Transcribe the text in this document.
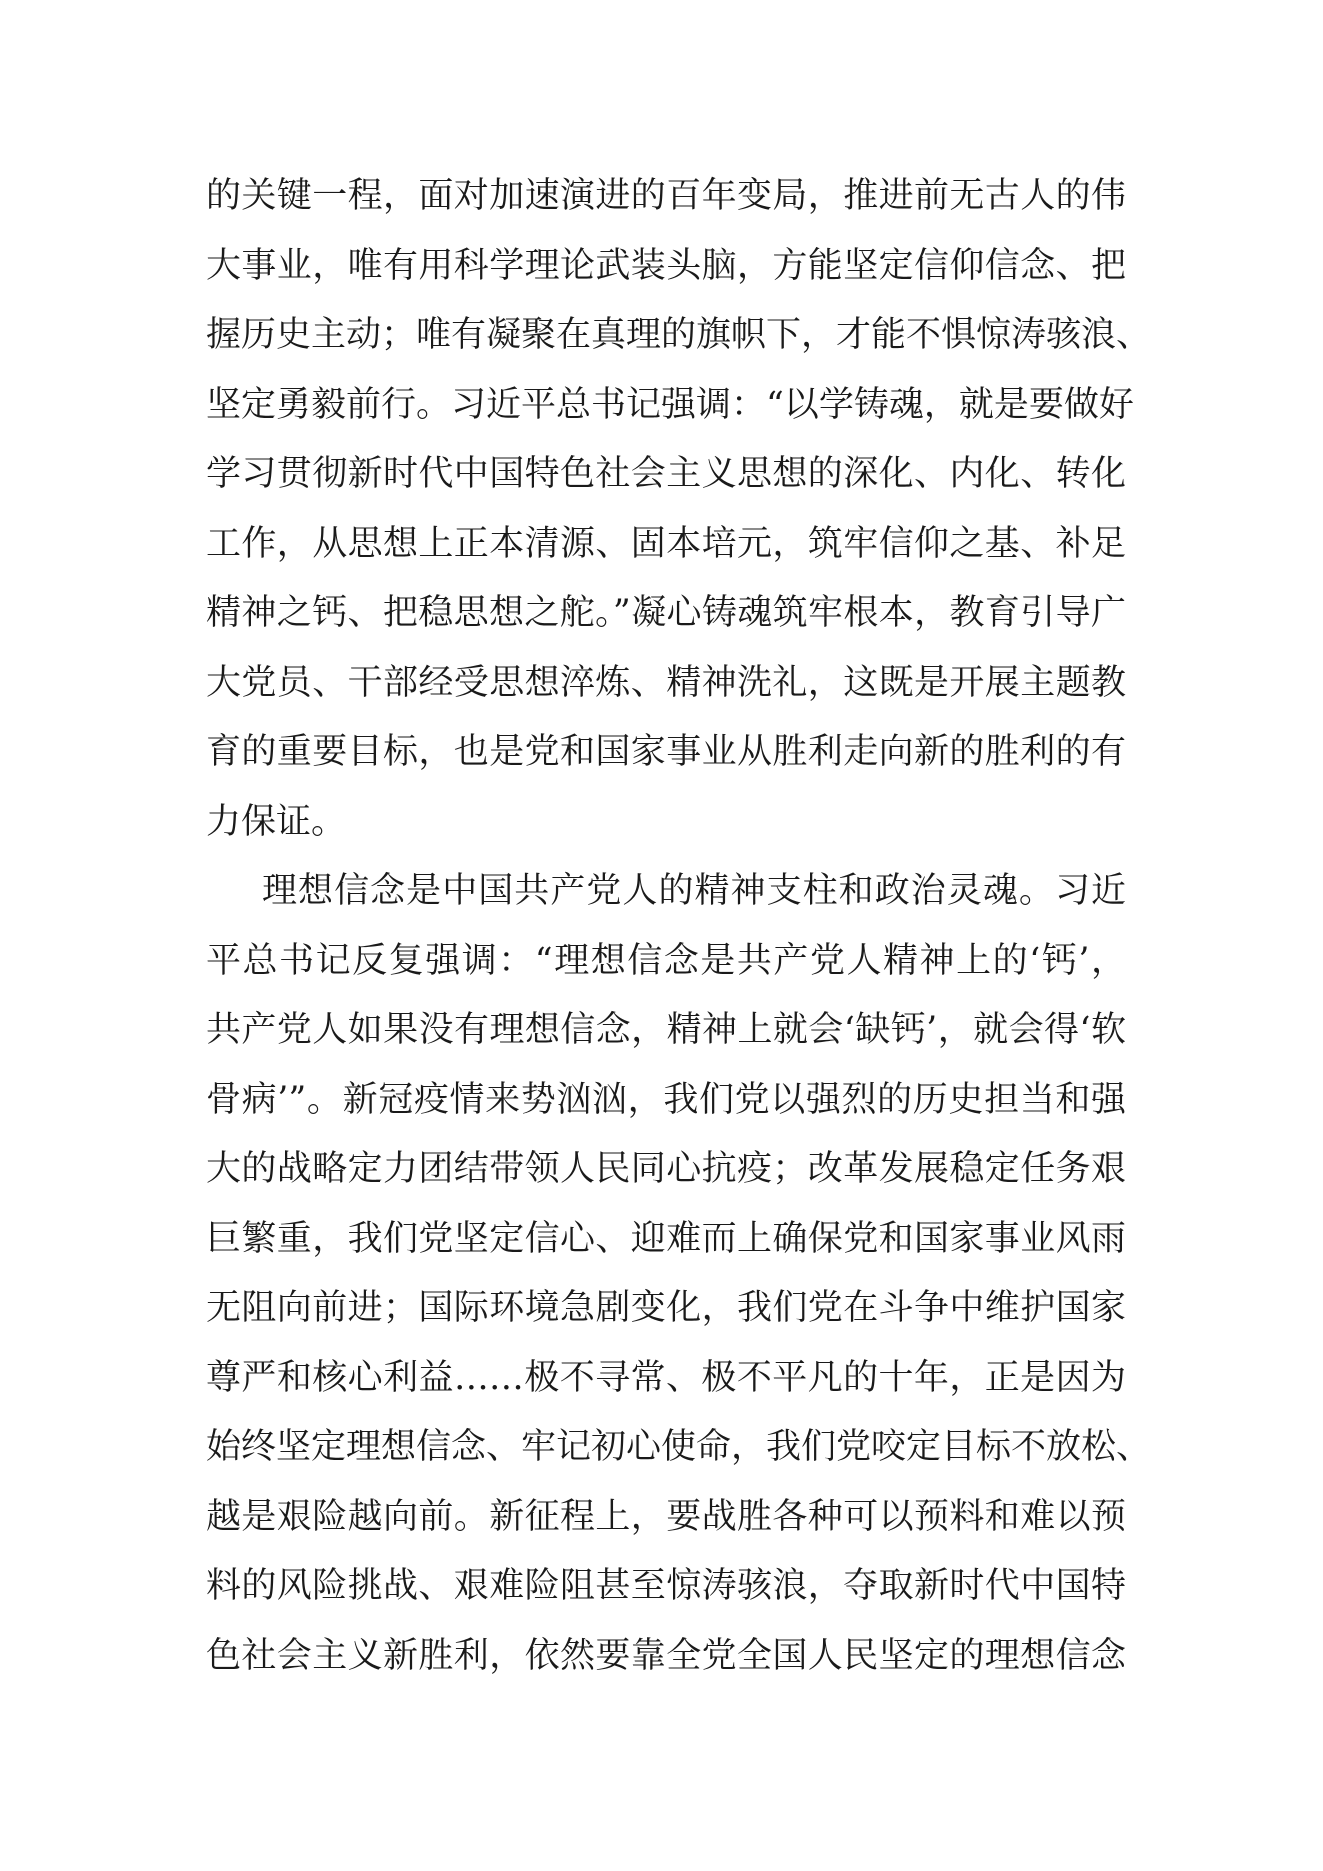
的关键一程，面对加速演进的百年变局，推进前无古人的伟
大事业，唯有用科学理论武装头脑，方能坚定信仰信念、把
握历史主动；唯有凝聚在真理的旗帜下，才能不惧惊涛骇浪、
坚定勇毅前行。习近平总书记强调：“以学铸魂，就是要做好
学习贯彻新时代中国特色社会主义思想的深化、内化、转化
工作，从思想上正本清源、固本培元，筑牢信仰之基、补足
精神之钙、把稳思想之舵。”凝心铸魂筑牢根本，教育引导广
大党员、干部经受思想淬炼、精神洗礼，这既是开展主题教
育的重要目标，也是党和国家事业从胜利走向新的胜利的有
力保证。
理想信念是中国共产党人的精神支柱和政治灵魂。习近
平总书记反复强调：“理想信念是共产党人精神上的‘钙’，
共产党人如果没有理想信念，精神上就会‘缺钙’，就会得‘软
骨病’”。新冠疫情来势汹汹，我们党以强烈的历史担当和强
大的战略定力团结带领人民同心抗疫；改革发展稳定任务艰
巨繁重，我们党坚定信心、迎难而上确保党和国家事业风雨
无阻向前进；国际环境急剧变化，我们党在斗争中维护国家
尊严和核心利益……极不寻常、极不平凡的十年，正是因为
始终坚定理想信念、牢记初心使命，我们党咬定目标不放松、
越是艰险越向前。新征程上，要战胜各种可以预料和难以预
料的风险挑战、艰难险阻甚至惊涛骇浪，夺取新时代中国特
色社会主义新胜利，依然要靠全党全国人民坚定的理想信念
